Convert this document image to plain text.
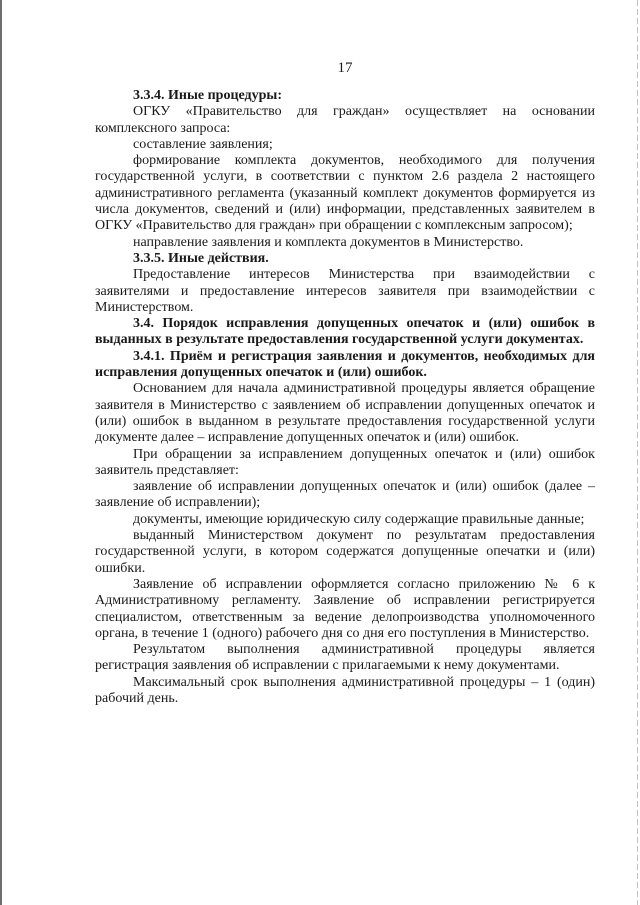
17

3.3.4. Иные процедуры:

ОГКУ «Правительство для граждан» осуществляет на основании комплексного запроса:

составление заявления;

формирование комплекта документов, необходимого для получения государственной услуги, в соответствии с пунктом 2.6 раздела 2 настоящего административного регламента (указанный комплект документов формируется из числа документов, сведений и (или) информации, представленных заявителем в ОГКУ «Правительство для граждан» при обращении с комплексным запросом);

направление заявления и комплекта документов в Министерство.

3.3.5. Иные действия.

Предоставление интересов Министерства при взаимодействии с заявителями и предоставление интересов заявителя при взаимодействии с Министерством.

3.4. Порядок исправления допущенных опечаток и (или) ошибок в выданных в результате предоставления государственной услуги документах.

3.4.1. Приём и регистрация заявления и документов, необходимых для исправления допущенных опечаток и (или) ошибок.

Основанием для начала административной процедуры является обращение заявителя в Министерство с заявлением об исправлении допущенных опечаток и (или) ошибок в выданном в результате предоставления государственной услуги документе далее – исправление допущенных опечаток и (или) ошибок.

При обращении за исправлением допущенных опечаток и (или) ошибок заявитель представляет:

заявление об исправлении допущенных опечаток и (или) ошибок (далее – заявление об исправлении);

документы, имеющие юридическую силу содержащие правильные данные;

выданный Министерством документ по результатам предоставления государственной услуги, в котором содержатся допущенные опечатки и (или) ошибки.

Заявление об исправлении оформляется согласно приложению № 6 к Административному регламенту. Заявление об исправлении регистрируется специалистом, ответственным за ведение делопроизводства уполномоченного органа, в течение 1 (одного) рабочего дня со дня его поступления в Министерство.

Результатом выполнения административной процедуры является регистрация заявления об исправлении с прилагаемыми к нему документами.

Максимальный срок выполнения административной процедуры – 1 (один) рабочий день.
